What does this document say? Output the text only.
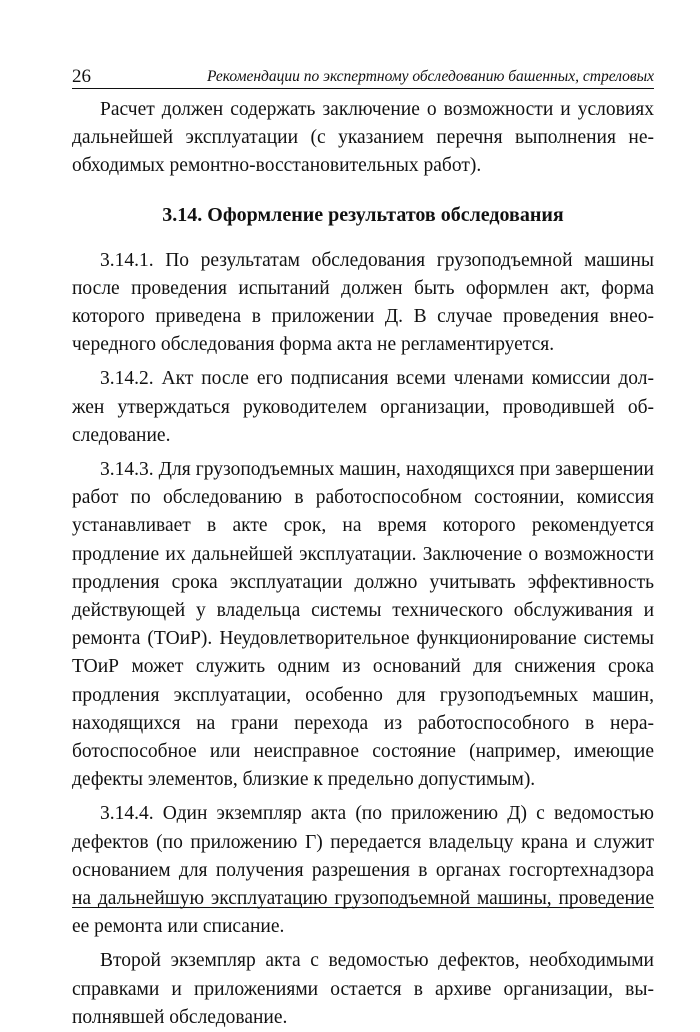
26	Рекомендации по экспертному обследованию башенных, стреловых

Расчет должен содержать заключение о возможности и условиях дальнейшей эксплуатации (с указанием перечня выполнения необходимых ремонтно-восстановительных работ).

3.14. Оформление результатов обследования

3.14.1. По результатам обследования грузоподъемной машины после проведения испытаний должен быть оформлен акт, форма которого приведена в приложении Д. В случае проведения внеочередного обследования форма акта не регламентируется.

3.14.2. Акт после его подписания всеми членами комиссии должен утверждаться руководителем организации, проводившей обследование.

3.14.3. Для грузоподъемных машин, находящихся при завершении работ по обследованию в работоспособном состоянии, комиссия устанавливает в акте срок, на время которого рекомендуется продление их дальнейшей эксплуатации. Заключение о возможности продления срока эксплуатации должно учитывать эффективность действующей у владельца системы технического обслуживания и ремонта (ТОиР). Неудовлетворительное функционирование системы ТОиР может служить одним из оснований для снижения срока продления эксплуатации, особенно для грузоподъемных машин, находящихся на грани перехода из работоспособного в неработоспособное или неисправное состояние (например, имеющие дефекты элементов, близкие к предельно допустимым).

3.14.4. Один экземпляр акта (по приложению Д) с ведомостью дефектов (по приложению Г) передается владельцу крана и служит основанием для получения разрешения в органах госгортехнадзора на дальнейшую эксплуатацию грузоподъемной машины, проведение ее ремонта или списание.

Второй экземпляр акта с ведомостью дефектов, необходимыми справками и приложениями остается в архиве организации, выполнявшей обследование.
